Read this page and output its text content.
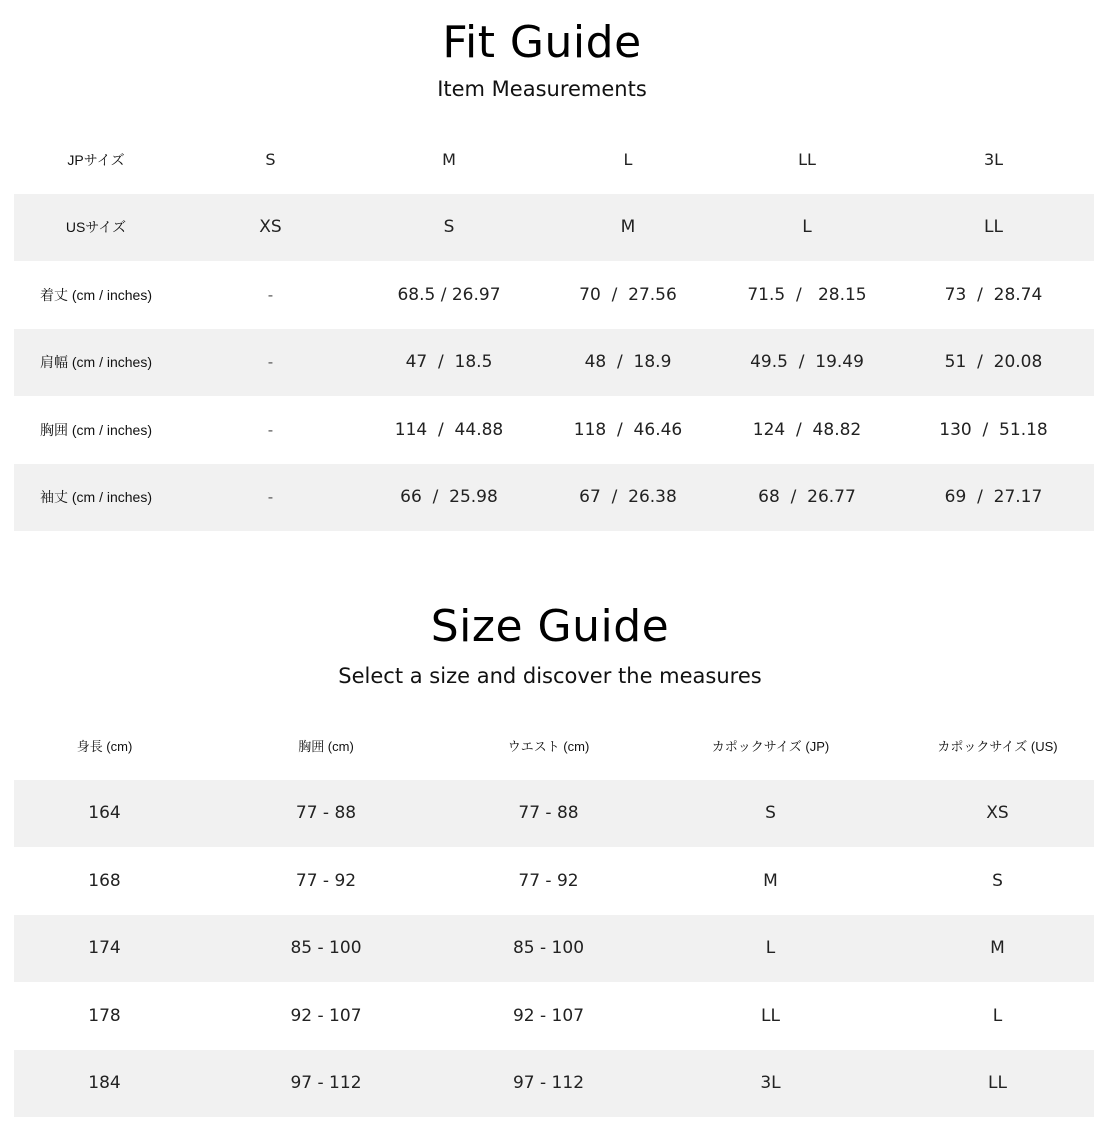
Fit Guide
Item Measurements
JPサイズ	S	M	L	LL	3L
USサイズ	XS	S	M	L	LL
着丈 (cm / inches)	-	68.5 / 26.97	70  /  27.56	71.5  /   28.15	73  /  28.74
肩幅 (cm / inches)	-	47  /  18.5	48  /  18.9	49.5  /  19.49	51  /  20.08
胸囲 (cm / inches)	-	114  /  44.88	118  /  46.46	124  /  48.82	130  /  51.18
袖丈 (cm / inches)	-	66  /  25.98	67  /  26.38	68  /  26.77	69  /  27.17
Size Guide
Select a size and discover the measures
身長 (cm)	胸囲 (cm)	ウエスト (cm)	カポックサイズ (JP)	カポックサイズ (US)
164	77 - 88	77 - 88	S	XS
168	77 - 92	77 - 92	M	S
174	85 - 100	85 - 100	L	M
178	92 - 107	92 - 107	LL	L
184	97 - 112	97 - 112	3L	LL
